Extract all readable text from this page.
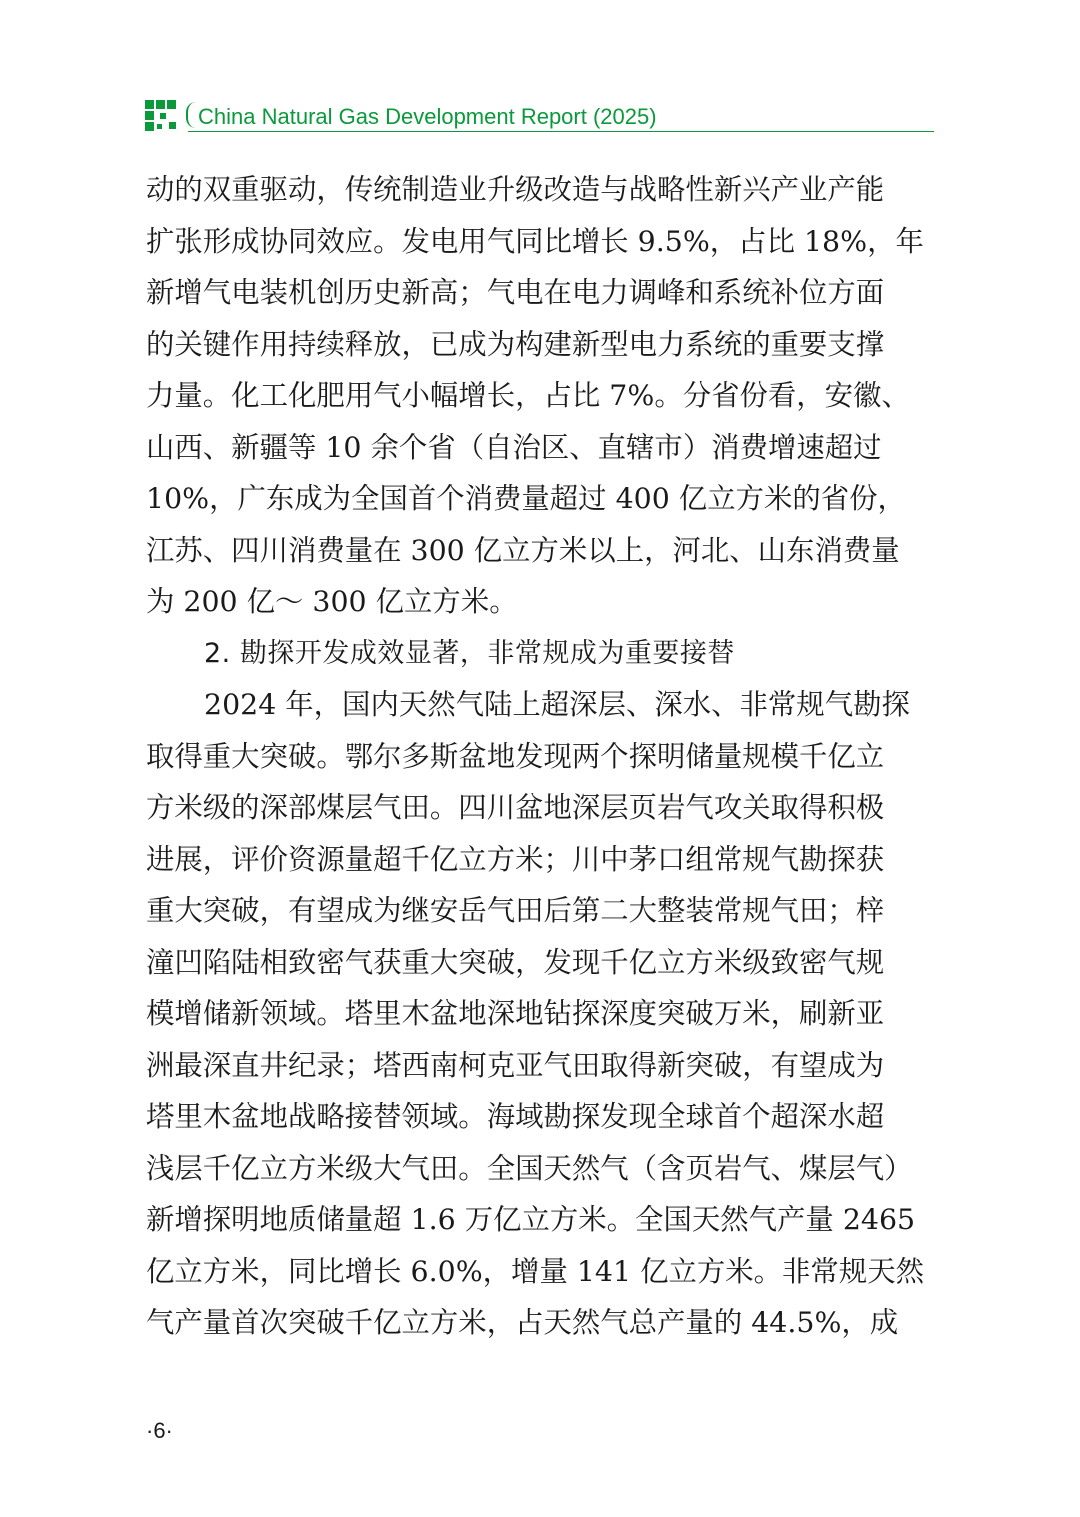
China Natural Gas Development Report (2025)
动的双重驱动，传统制造业升级改造与战略性新兴产业产能
扩张形成协同效应。发电用气同比增长 9.5%，占比 18%，年
新增气电装机创历史新高；气电在电力调峰和系统补位方面
的关键作用持续释放，已成为构建新型电力系统的重要支撑
力量。化工化肥用气小幅增长，占比 7%。分省份看，安徽、
山西、新疆等 10 余个省（自治区、直辖市）消费增速超过
10%，广东成为全国首个消费量超过 400 亿立方米的省份，
江苏、四川消费量在 300 亿立方米以上，河北、山东消费量
为 200 亿～ 300 亿立方米。
2. 勘探开发成效显著，非常规成为重要接替
2024 年，国内天然气陆上超深层、深水、非常规气勘探
取得重大突破。鄂尔多斯盆地发现两个探明储量规模千亿立
方米级的深部煤层气田。四川盆地深层页岩气攻关取得积极
进展，评价资源量超千亿立方米；川中茅口组常规气勘探获
重大突破，有望成为继安岳气田后第二大整装常规气田；梓
潼凹陷陆相致密气获重大突破，发现千亿立方米级致密气规
模增储新领域。塔里木盆地深地钻探深度突破万米，刷新亚
洲最深直井纪录；塔西南柯克亚气田取得新突破，有望成为
塔里木盆地战略接替领域。海域勘探发现全球首个超深水超
浅层千亿立方米级大气田。全国天然气（含页岩气、煤层气）
新增探明地质储量超 1.6 万亿立方米。全国天然气产量 2465
亿立方米，同比增长 6.0%，增量 141 亿立方米。非常规天然
气产量首次突破千亿立方米，占天然气总产量的 44.5%，成
·6·
